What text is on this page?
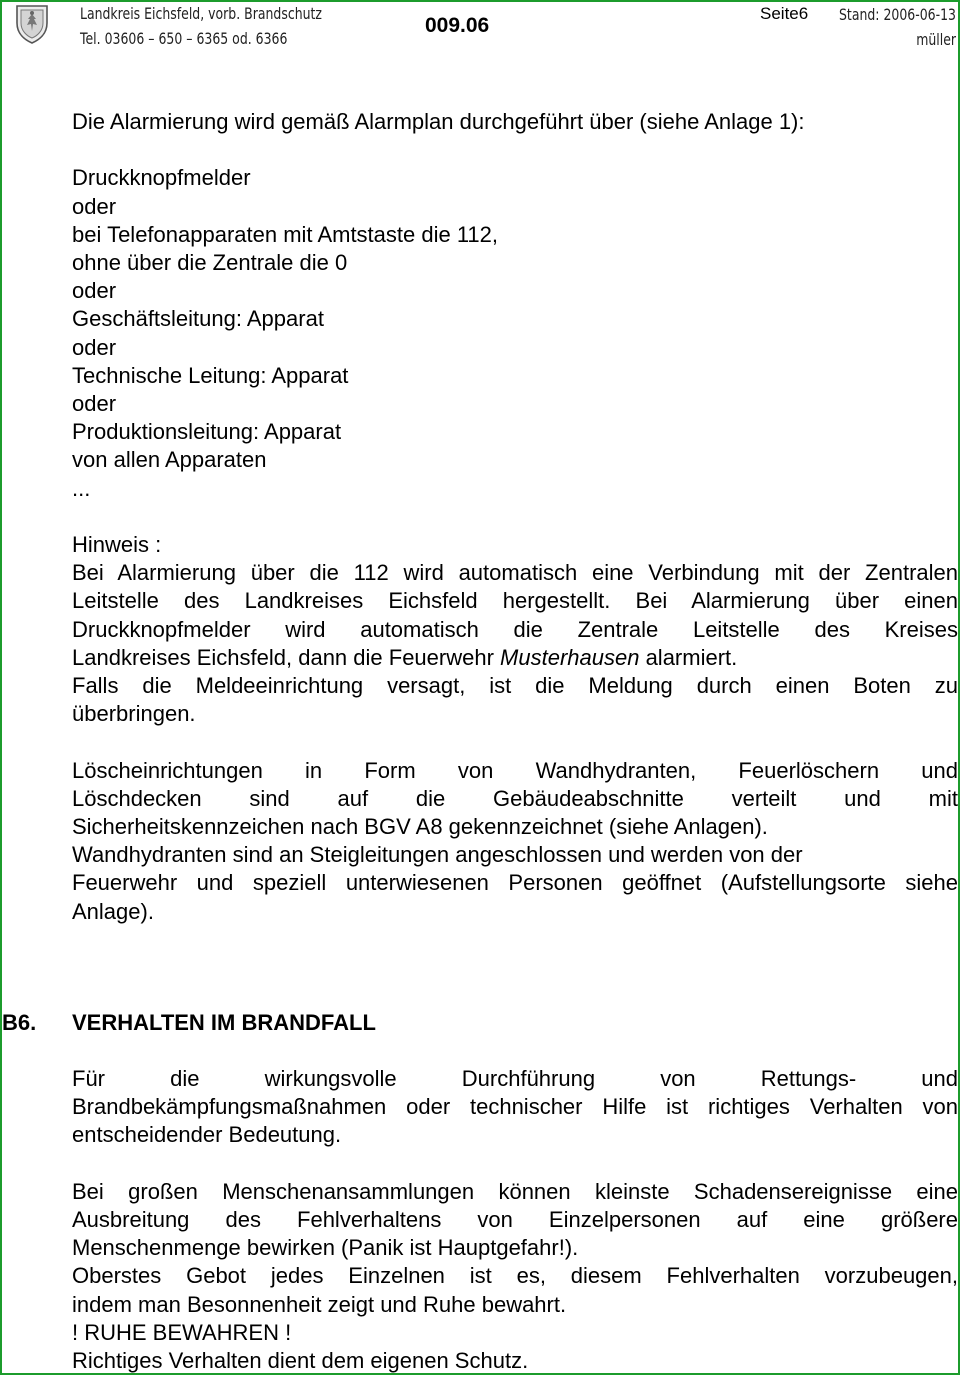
Landkreis Eichsfeld, vorb. Brandschutz
Tel. 03606 – 650 – 6365 od. 6366
009.06
Seite6 Stand: 2006-06-13
müller
Die Alarmierung wird gemäß Alarmplan durchgeführt über (siehe Anlage 1):
Druckknopfmelder
oder
bei Telefonapparaten mit Amtstaste die 112,
ohne über die Zentrale die 0
oder
Geschäftsleitung: Apparat
oder
Technische Leitung: Apparat
oder
Produktionsleitung: Apparat
von allen Apparaten
...
Hinweis :
Bei Alarmierung über die 112 wird automatisch eine Verbindung mit der Zentralen
Leitstelle des Landkreises Eichsfeld hergestellt. Bei Alarmierung über einen
Druckknopfmelder wird automatisch die Zentrale Leitstelle des Kreises
Landkreises Eichsfeld, dann die Feuerwehr Musterhausen alarmiert.
Falls die Meldeeinrichtung versagt, ist die Meldung durch einen Boten zu
überbringen.
Löscheinrichtungen in Form von Wandhydranten, Feuerlöschern und
Löschdecken sind auf die Gebäudeabschnitte verteilt und mit
Sicherheitskennzeichen nach BGV A8 gekennzeichnet (siehe Anlagen).
Wandhydranten sind an Steigleitungen angeschlossen und werden von der
Feuerwehr und speziell unterwiesenen Personen geöffnet (Aufstellungsorte siehe
Anlage).
B6. VERHALTEN IM BRANDFALL
Für die wirkungsvolle Durchführung von Rettungs- und
Brandbekämpfungsmaßnahmen oder technischer Hilfe ist richtiges Verhalten von
entscheidender Bedeutung.
Bei großen Menschenansammlungen können kleinste Schadensereignisse eine
Ausbreitung des Fehlverhaltens von Einzelpersonen auf eine größere
Menschenmenge bewirken (Panik ist Hauptgefahr!).
Oberstes Gebot jedes Einzelnen ist es, diesem Fehlverhalten vorzubeugen,
indem man Besonnenheit zeigt und Ruhe bewahrt.
! RUHE BEWAHREN !
Richtiges Verhalten dient dem eigenen Schutz.
